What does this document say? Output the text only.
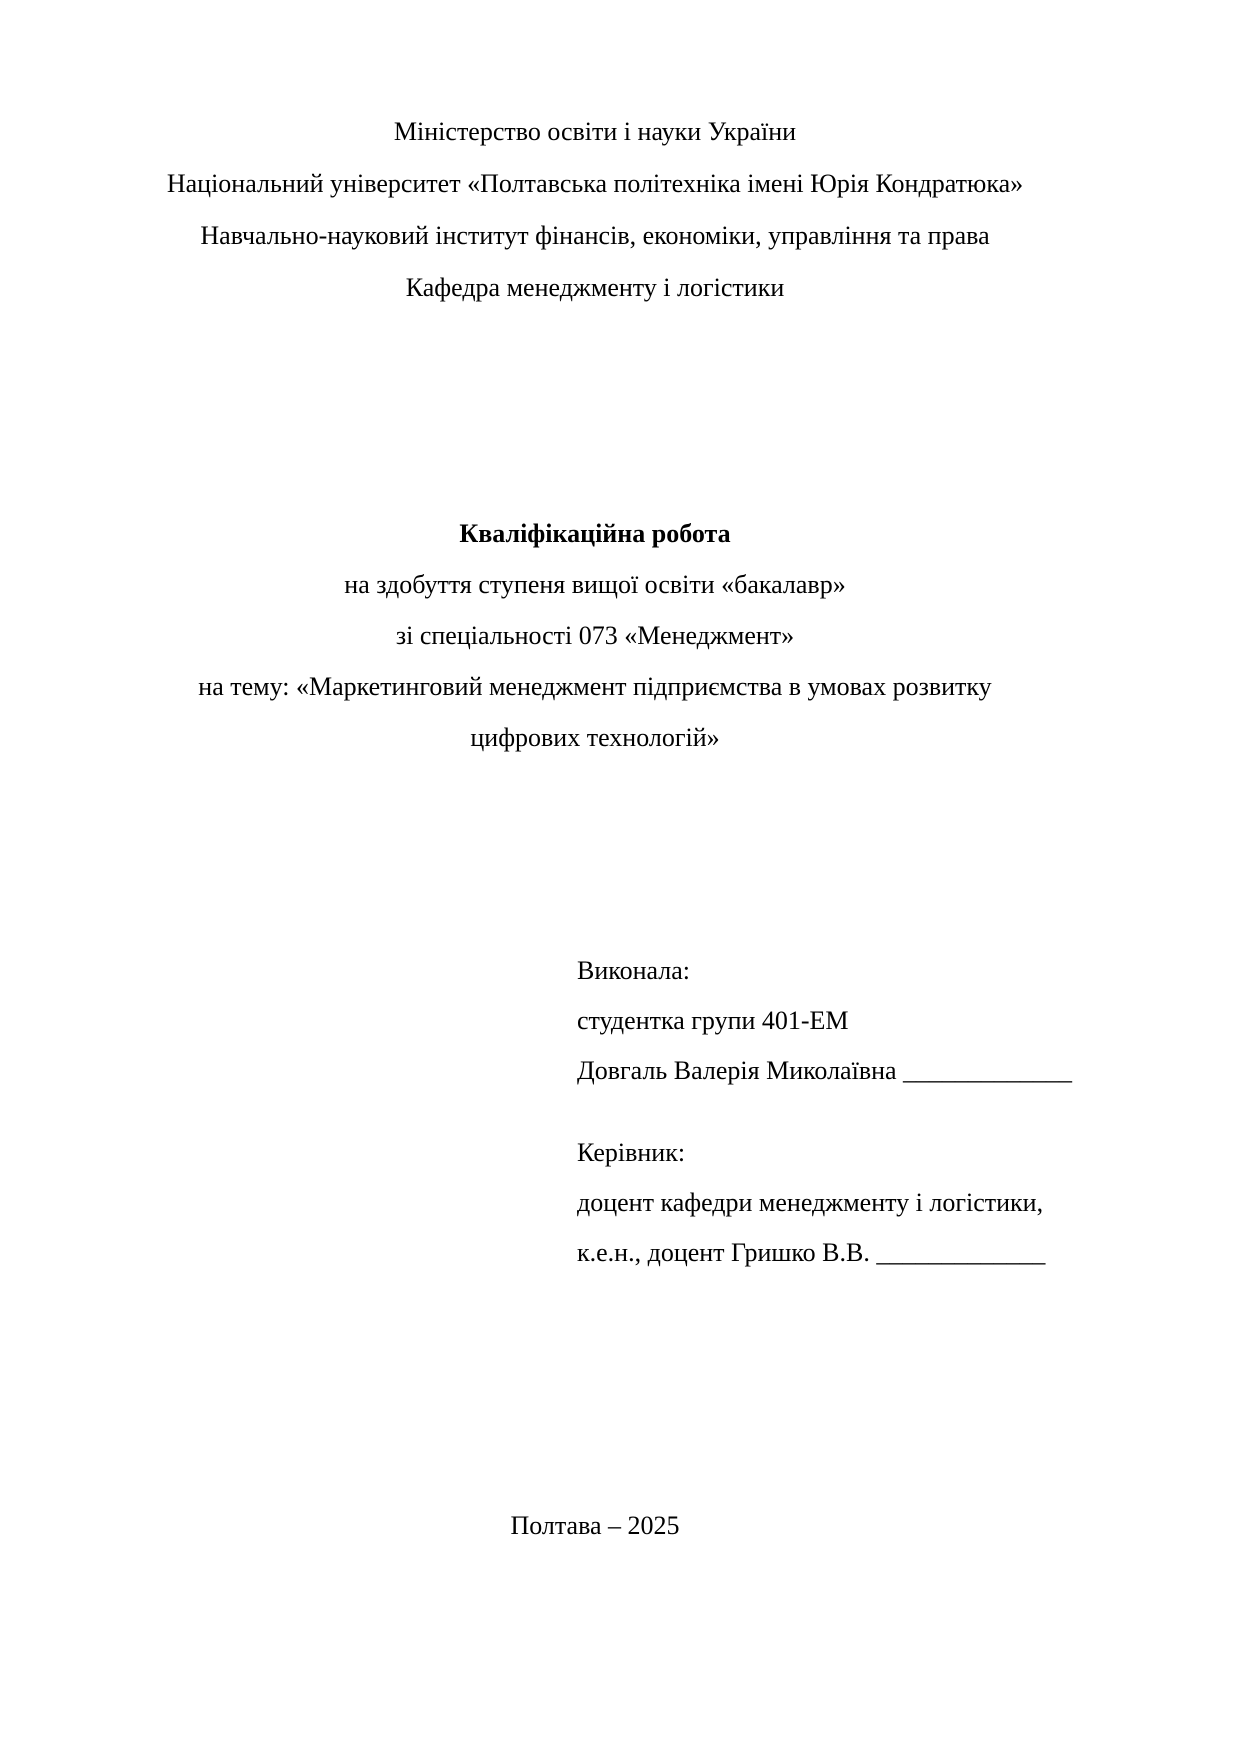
Міністерство освіти і науки України
Національний університет «Полтавська політехніка імені Юрія Кондратюка»
Навчально-науковий інститут фінансів, економіки, управління та права
Кафедра менеджменту і логістики
Кваліфікаційна робота
на здобуття ступеня вищої освіти «бакалавр»
зі спеціальності 073 «Менеджмент»
на тему: «Маркетинговий менеджмент підприємства в умовах розвитку
цифрових технологій»
Виконала:
студентка групи 401-ЕМ
Довгаль Валерія Миколаївна _____________
Керівник:
доцент кафедри менеджменту і логістики,
к.е.н., доцент Гришко В.В. _____________
Полтава – 2025
